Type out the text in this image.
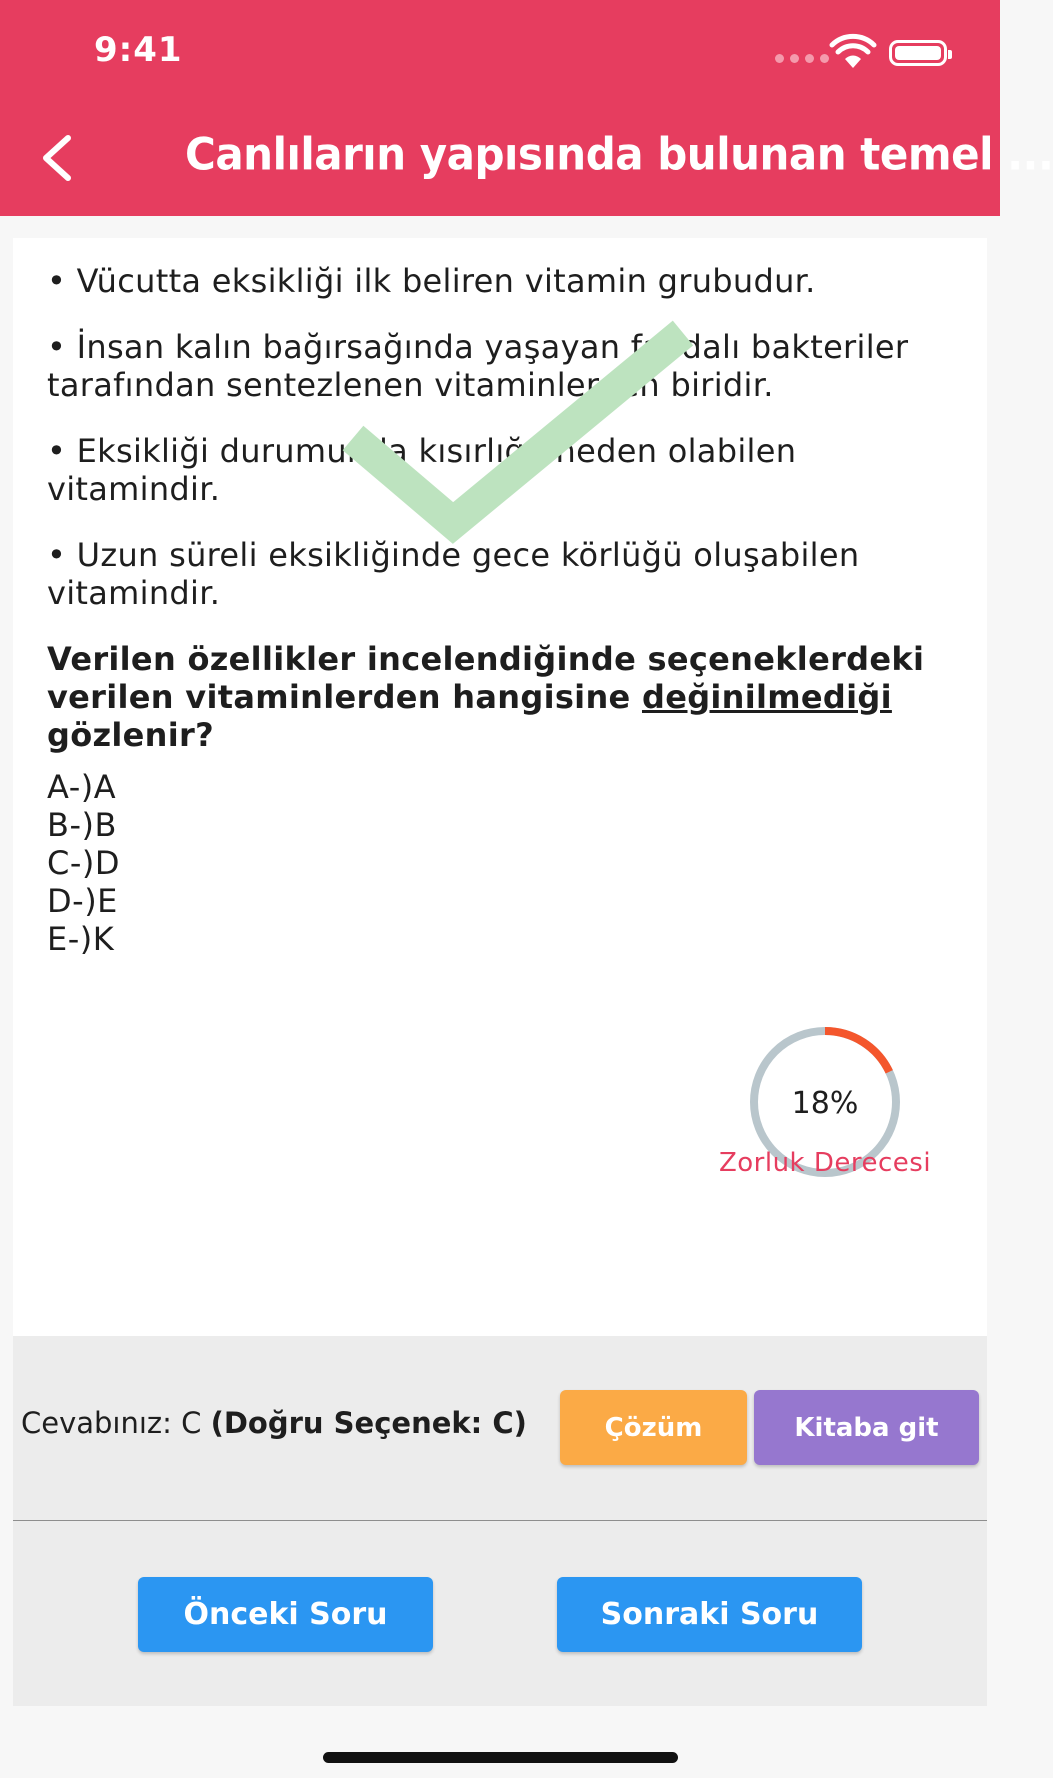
9:41
Canlıların yapısında bulunan temel ...

• Vücutta eksikliği ilk beliren vitamin grubudur.

• İnsan kalın bağırsağında yaşayan faydalı bakteriler tarafından sentezlenen vitaminlerden biridir.

• Eksikliği durumunda kısırlığa neden olabilen vitamindir.

• Uzun süreli eksikliğinde gece körlüğü oluşabilen vitamindir.

Verilen özellikler incelendiğinde seçeneklerdeki verilen vitaminlerden hangisine değinilmediği gözlenir?

A-)A
B-)B
C-)D
D-)E
E-)K
18%
Zorluk Derecesi
Cevabınız: C (Doğru Seçenek: C)	Çözüm	Kitaba git
Önceki Soru	Sonraki Soru
